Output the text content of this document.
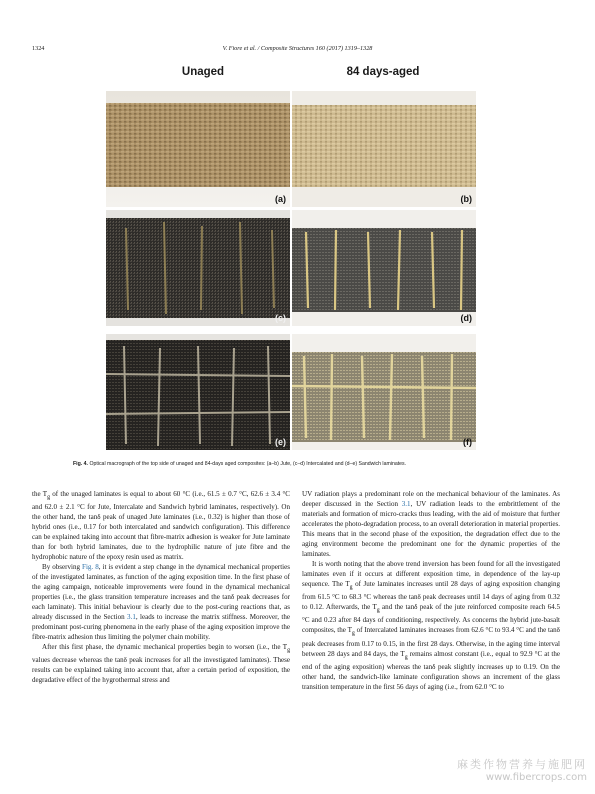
1324	V. Fiore et al. / Composite Structures 160 (2017) 1319–1328
Unaged	84 days-aged
(a)	(b)
(c)	(d)
(e)	(f)
Fig. 4. Optical macrograph of the top side of unaged and 84-days aged composites: (a–b) Jute, (c–d) Intercalated and (d–e) Sandwich laminates.

the $T_g$ of the unaged laminates is equal to about 60 °C (i.e., 61.5 ± 0.7 °C, 62.6 ± 3.4 °C and 62.0 ± 2.1 °C for Jute, Intercalate and Sandwich hybrid laminates, respectively). On the other hand, the tanδ peak of unaged Jute laminates (i.e., 0.32) is higher than those of hybrid ones (i.e., 0.17 for both intercalated and sandwich configuration). This difference can be explained taking into account that fibre-matrix adhesion is weaker for Jute laminate than for both hybrid laminates, due to the hydrophilic nature of jute fibre and the hydrophobic nature of the epoxy resin used as matrix.

By observing Fig. 8, it is evident a step change in the dynamical mechanical properties of the investigated laminates, as function of the aging exposition time. In the first phase of the aging campaign, noticeable improvements were found in the dynamical mechanical properties (i.e., the glass transition temperature increases and the tanδ peak decreases for each laminate). This initial behaviour is clearly due to the post-curing reactions that, as already discussed in the Section 3.1, leads to increase the matrix stiffness. Moreover, the predominant post-curing phenomena in the early phase of the aging exposition improve the fibre-matrix adhesion thus limiting the polymer chain mobility.

After this first phase, the dynamic mechanical properties begin to worsen (i.e., the $T_g$ values decrease whereas the tanδ peak increases for all the investigated laminates). These results can be explained taking into account that, after a certain period of exposition, the degradative effect of the hygrothermal stress and

UV radiation plays a predominant role on the mechanical behaviour of the laminates. As deeper discussed in the Section 3.1, UV radiation leads to the embrittlement of the materials and formation of micro-cracks thus leading, with the aid of moisture that further accelerates the photo-degradation process, to an overall deterioration in material properties. This means that in the second phase of the exposition, the degradation effect due to the aging environment become the predominant one for the dynamic properties of the laminates.

It is worth noting that the above trend inversion has been found for all the investigated laminates even if it occurs at different exposition time, in dependence of the lay-up sequence. The $T_g$ of Jute laminates increases until 28 days of aging exposition changing from 61.5 °C to 68.3 °C whereas the tanδ peak decreases until 14 days of aging from 0.32 to 0.12. Afterwards, the $T_g$ and the tanδ peak of the jute reinforced composite reach 64.5 °C and 0.23 after 84 days of conditioning, respectively. As concerns the hybrid jute-basalt composites, the $T_g$ of Intercalated laminates increases from 62.6 °C to 93.4 °C and the tanδ peak decreases from 0.17 to 0.15, in the first 28 days. Otherwise, in the aging time interval between 28 days and 84 days, the $T_g$ remains almost constant (i.e., equal to 92.9 °C at the end of the aging exposition) whereas the tanδ peak slightly increases up to 0.19. On the other hand, the sandwich-like laminate configuration shows an increment of the glass transition temperature in the first 56 days of aging (i.e., from 62.0 °C to

麻类作物营养与施肥网
www.fibercrops.com
